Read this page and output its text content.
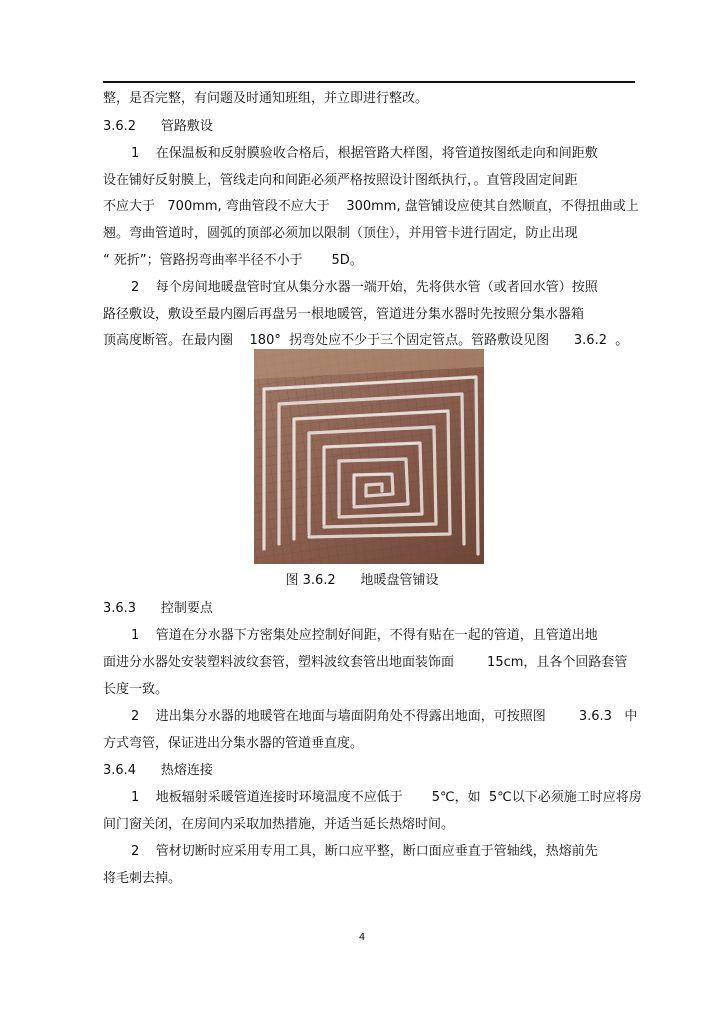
整，是否完整，有问题及时通知班组，并立即进行整改。
3.6.2      管路敷设
1    在保温板和反射膜验收合格后，根据管路大样图，将管道按图纸走向和间距敷
设在铺好反射膜上，管线走向和间距必须严格按照设计图纸执行，。直管段固定间距
不应大于   700mm, 弯曲管段不应大于    300mm, 盘管铺设应使其自然顺直，不得扭曲或上
翘。弯曲管道时，圆弧的顶部必须加以限制（顶住），并用管卡进行固定，防止出现
“ 死折”；管路拐弯曲率半径不小于       5D。
2    每个房间地暖盘管时宜从集分水器一端开始，先将供水管（或者回水管）按照
路径敷设，敷设至最内圈后再盘另一根地暖管，管道进分集水器时先按照分集水器箱
顶高度断管。在最内圈    180°  拐弯处应不少于三个固定管点。管路敷设见图      3.6.2  。
图 3.6.2      地暖盘管铺设
3.6.3      控制要点
1    管道在分水器下方密集处应控制好间距，不得有贴在一起的管道，且管道出地
面进分水器处安装塑料波纹套管，塑料波纹套管出地面装饰面        15cm，且各个回路套管
长度一致。
2    进出集分水器的地暖管在地面与墙面阴角处不得露出地面，可按照图        3.6.3   中
方式弯管，保证进出分集水器的管道垂直度。
3.6.4      热熔连接
1    地板辐射采暖管道连接时环境温度不应低于       5℃，如  5℃以下必须施工时应将房
间门窗关闭，在房间内采取加热措施，并适当延长热熔时间。
2    管材切断时应采用专用工具，断口应平整，断口面应垂直于管轴线，热熔前先
将毛刺去掉。
4
